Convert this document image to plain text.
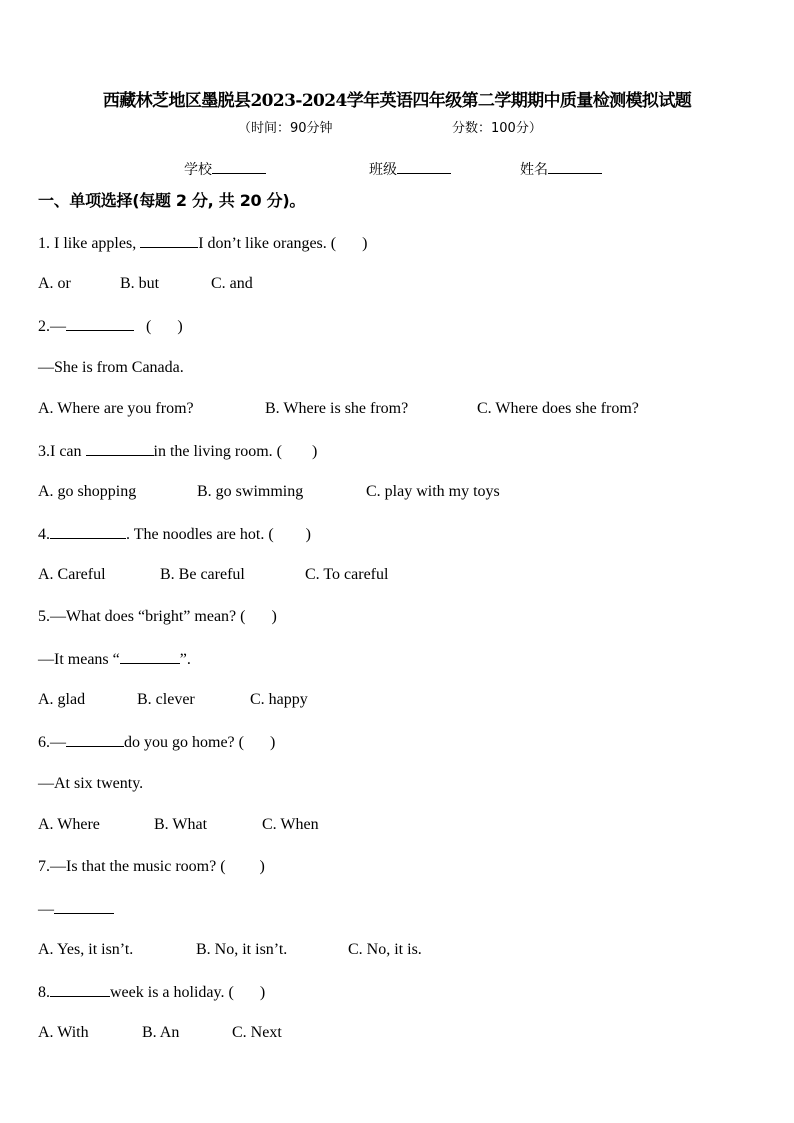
西藏林芝地区墨脱县2023-2024学年英语四年级第二学期期中质量检测模拟试题
（时间：90分钟	分数：100分）
学校	班级	姓名
一、单项选择(每题 2 分, 共 20 分)。
1. I like apples,	I don’t like oranges. ( )
A. or	B. but	C. and
2.—	( )
—She is from Canada.
A. Where are you from?	B. Where is she from?	C. Where does she from?
3.I can	in the living room. ( )
A. go shopping	B. go swimming	C. play with my toys
4.	. The noodles are hot. ( )
A. Careful	B. Be careful	C. To careful
5.—What does “bright” mean? ( )
—It means “	”.
A. glad	B. clever	C. happy
6.—	do you go home? ( )
—At six twenty.
A. Where	B. What	C. When
7.—Is that the music room? ( )
—
A. Yes, it isn’t.	B. No, it isn’t.	C. No, it is.
8.	week is a holiday. ( )
A. With	B. An	C. Next
